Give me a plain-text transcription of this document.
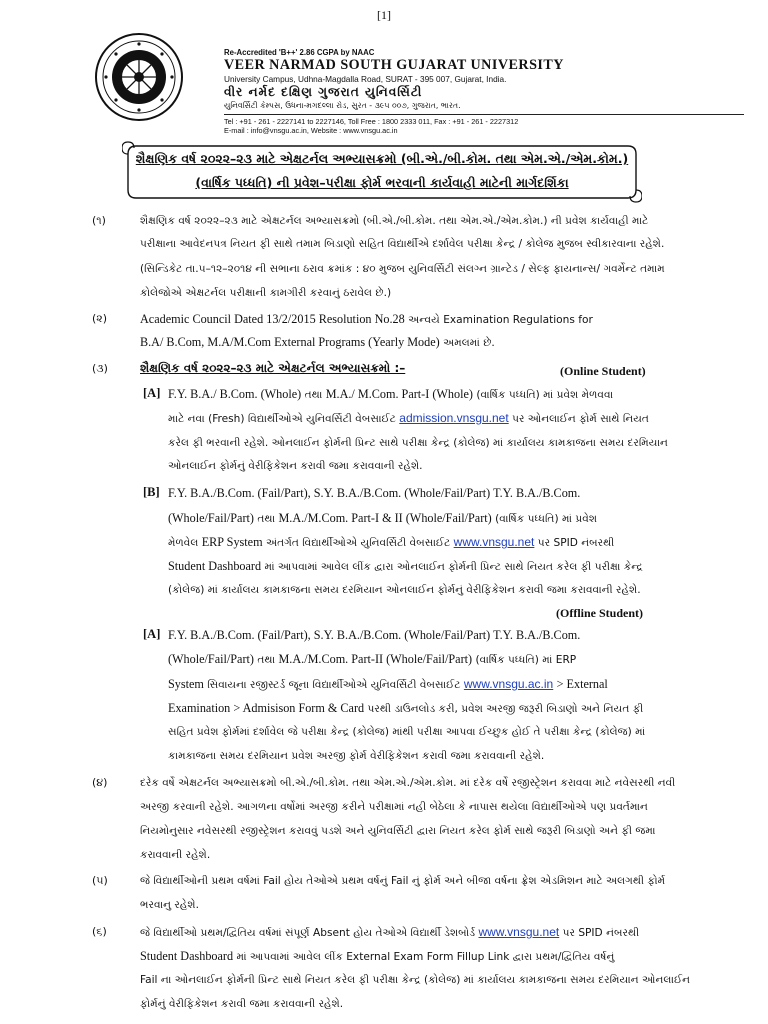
[1]
Re-Accredited 'B++' 2.86 CGPA by NAAC
VEER NARMAD SOUTH GUJARAT UNIVERSITY
University Campus, Udhna-Magdalla Road, SURAT - 395 007, Gujarat, India.
વીર નર્મદ દક્ષિણ ગુજરાત યુનિવર્સિટી
યુનિવર્સિટી કેમ્પસ, ઉધના-મગદલ્લા રોડ, સુરત - ૩૯૫ ૦૦૭, ગુજરાત, ભારત.
Tel : +91 - 261 - 2227141 to 2227146, Toll Free : 1800 2333 011, Fax : +91 - 261 - 2227312
E-mail : info@vnsgu.ac.in, Website : www.vnsgu.ac.in
શૈક્ષણિક વર્ષ ૨૦૨૨–૨૩ માટે એક્ષટર્નલ અભ્યાસક્રમો (બી.એ./બી.કોમ. તથા એમ.એ./એમ.કોમ.)
(વાર્ષિક પધ્ધતિ) ની પ્રવેશ–પરીક્ષા ફોર્મ ભરવાની કાર્યવાહી માટેની માર્ગદર્શિકા
(૧)	શૈક્ષણિક વર્ષ ૨૦૨૨–૨૩ માટે એક્ષટર્નલ અભ્યાસક્રમો (બી.એ./બી.કોમ. તથા એમ.એ./એમ.કોમ.) ની પ્રવેશ કાર્યવાહી માટે
પરીક્ષાના આવેદનપત્ર નિયત ફી સાથે તમામ બિડાણો સહિત વિદ્યાર્થીએ દર્શાવેલ પરીક્ષા કેન્દ્ર / કોલેજ મુજબ સ્વીકારવાના રહેશે.
(સિન્ડિકેટ તા.૫–૧૨–૨૦૧૪ ની સભાના ઠરાવ ક્રમાંક : ૪૦ મુજબ યુનિવર્સિટી સંલગ્ન ગ્રાન્ટેડ / સેલ્ફ ફાયનાન્સ/ ગવર્મેન્ટ તમામ
કોલેજોએ એક્ષટર્નલ પરીક્ષાની કામગીરી કરવાનું ઠરાવેલ છે.)
(૨)	Academic Council Dated 13/2/2015 Resolution No.28 અન્વયે Examination Regulations for
B.A/ B.Com, M.A/M.Com External Programs (Yearly Mode) અમલમાં છે.
(૩)	શૈક્ષણિક વર્ષ ૨૦૨૨–૨૩ માટે એક્ષટર્નલ અભ્યાસક્રમો :–	(Online Student)
[A] F.Y. B.A./ B.Com. (Whole) તથા M.A./ M.Com. Part-I (Whole) (વાર્ષિક પધ્ધતિ) માં પ્રવેશ મેળવવા
માટે નવા (Fresh) વિદ્યાર્થીઓએ યુનિવર્સિટી વેબસાઈટ admission.vnsgu.net પર ઓનલાઈન ફોર્મ સાથે નિયત
કરેલ ફી ભરવાની રહેશે. ઓનલાઈન ફોર્મની પ્રિન્ટ સાથે પરીક્ષા કેન્દ્ર (કોલેજ) માં કાર્યાલય કામકાજના સમય દરમિયાન
ઓનલાઈન ફોર્મનું વેરીફિકેશન કરાવી જમા કરાવવાની રહેશે.
[B] F.Y. B.A./B.Com. (Fail/Part), S.Y. B.A./B.Com. (Whole/Fail/Part) T.Y. B.A./B.Com.
(Whole/Fail/Part) તથા M.A./M.Com. Part-I & II (Whole/Fail/Part) (વાર્ષિક પધ્ધતિ) માં પ્રવેશ
મેળવેલ ERP System અંતર્ગત વિદ્યાર્થીઓએ યુનિવર્સિટી વેબસાઈટ www.vnsgu.net પર SPID નંબરથી
Student Dashboard માં આપવામાં આવેલ લીંક દ્વારા ઓનલાઈન ફોર્મની પ્રિન્ટ સાથે નિયત કરેલ ફી પરીક્ષા કેન્દ્ર
(કોલેજ) માં કાર્યાલય કામકાજના સમય દરમિયાન ઓનલાઈન ફોર્મનું વેરીફિકેશન કરાવી જમા કરાવવાની રહેશે.
(Offline Student)
[A] F.Y. B.A./B.Com. (Fail/Part), S.Y. B.A./B.Com. (Whole/Fail/Part) T.Y. B.A./B.Com.
(Whole/Fail/Part) તથા M.A./M.Com. Part-II (Whole/Fail/Part) (વાર્ષિક પધ્ધતિ) માં ERP
System સિવાયના રજીસ્ટર્ડ જૂના વિદ્યાર્થીઓએ યુનિવર્સિટી વેબસાઈટ www.vnsgu.ac.in > External
Examination > Admisison Form & Card પરથી ડાઉનલોડ કરી, પ્રવેશ અરજી જરૂરી બિડાણો અને નિયત ફી
સહિત પ્રવેશ ફોર્મમાં દર્શાવેલ જે પરીક્ષા કેન્દ્ર (કોલેજ) માંથી પરીક્ષા આપવા ઈચ્છુક હોઈ તે પરીક્ષા કેન્દ્ર (કોલેજ) માં
કામકાજના સમય દરમિયાન પ્રવેશ અરજી ફોર્મ વેરીફિકેશન કરાવી જમા કરાવવાની રહેશે.
(૪)	દરેક વર્ષે એક્ષટર્નલ અભ્યાસક્રમો બી.એ./બી.કોમ. તથા એમ.એ./એમ.કોમ. માં દરેક વર્ષે રજીસ્ટ્રેશન કરાવવા માટે નવેસરથી નવી
અરજી કરવાની રહેશે. આગળના વર્ષોમાં અરજી કરીને પરીક્ષામાં નહી બેઠેલા કે નાપાસ થયેલા વિદ્યાર્થીઓએ પણ પ્રવર્તમાન
નિયમોનુસાર નવેસરથી રજીસ્ટ્રેશન કરાવવું પડશે અને યુનિવર્સિટી દ્વારા નિયત કરેલ ફોર્મ સાથે જરૂરી બિડાણો અને ફી જમા
કરાવવાની રહેશે.
(૫)	જે વિદ્યાર્થીઓની પ્રથમ વર્ષમાં Fail હોય તેઓએ પ્રથમ વર્ષનું Fail નું ફોર્મ અને બીજા વર્ષના ફ્રેશ એડમિશન માટે અલગથી ફોર્મ
ભરવાનુ રહેશે.
(૬)	જે વિદ્યાર્થીઓ પ્રથમ/દ્વિતિય વર્ષમાં સંપૂર્ણ Absent હોય તેઓએ વિદ્યાર્થી ડેશબોર્ડ www.vnsgu.net પર SPID નંબરથી
Student Dashboard માં આપવામાં આવેલ લીંક External Exam Form Fillup Link દ્વારા પ્રથમ/દ્વિતિય વર્ષનું
Fail ના ઓનલાઈન ફોર્મની પ્રિન્ટ સાથે નિયત કરેલ ફી પરીક્ષા કેન્દ્ર (કોલેજ) માં કાર્યાલય કામકાજના સમય દરમિયાન ઓનલાઈન
ફોર્મનું વેરીફિકેશન કરાવી જમા કરાવવાની રહેશે.
